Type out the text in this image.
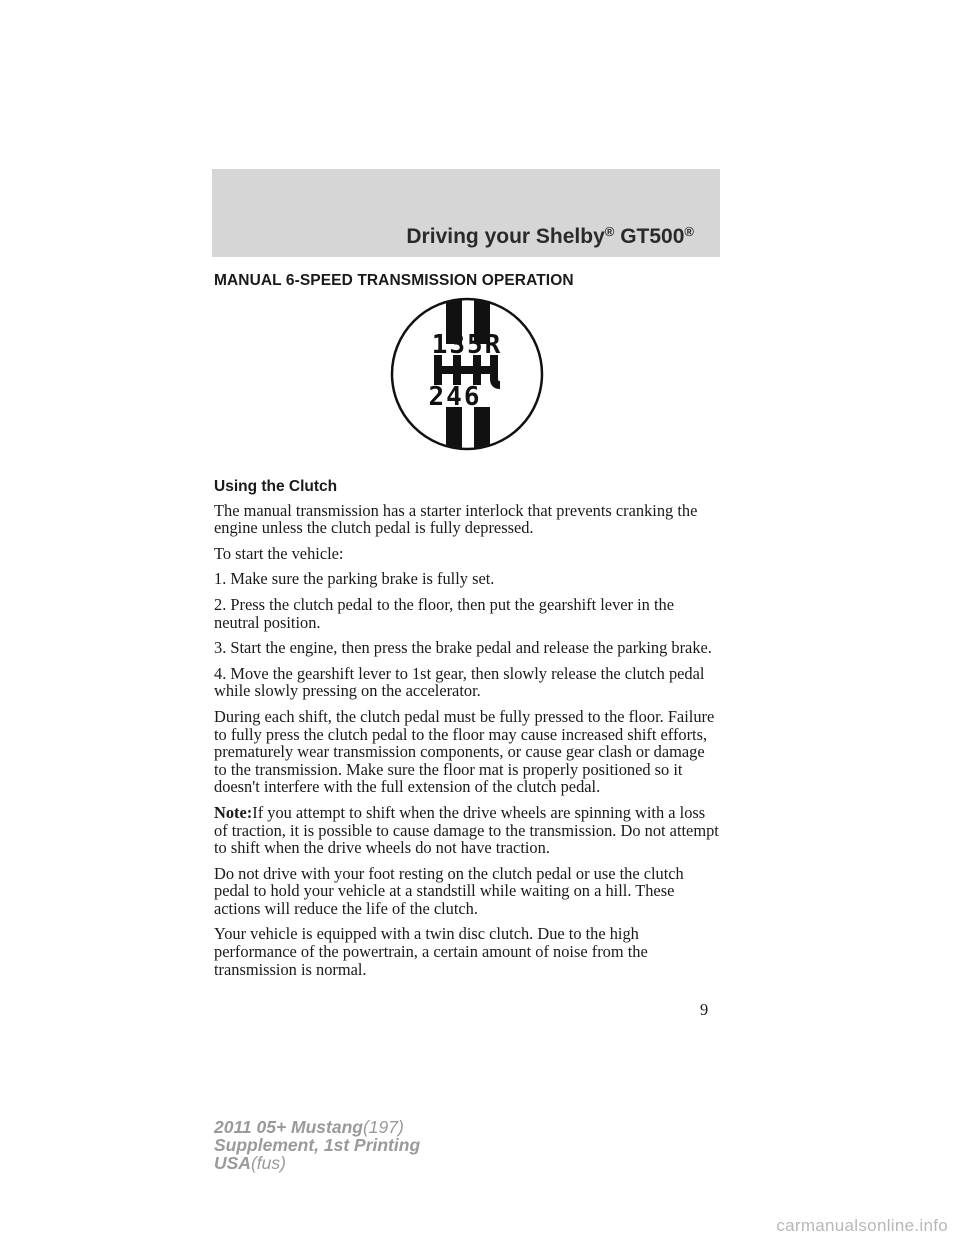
Driving your Shelby® GT500®
MANUAL 6-SPEED TRANSMISSION OPERATION
135R
246
Using the Clutch

The manual transmission has a starter interlock that prevents cranking the engine unless the clutch pedal is fully depressed.

To start the vehicle:

1. Make sure the parking brake is fully set.

2. Press the clutch pedal to the floor, then put the gearshift lever in the neutral position.

3. Start the engine, then press the brake pedal and release the parking brake.

4. Move the gearshift lever to 1st gear, then slowly release the clutch pedal while slowly pressing on the accelerator.

During each shift, the clutch pedal must be fully pressed to the floor. Failure to fully press the clutch pedal to the floor may cause increased shift efforts, prematurely wear transmission components, or cause gear clash or damage to the transmission. Make sure the floor mat is properly positioned so it doesn't interfere with the full extension of the clutch pedal.

Note:If you attempt to shift when the drive wheels are spinning with a loss of traction, it is possible to cause damage to the transmission. Do not attempt to shift when the drive wheels do not have traction.

Do not drive with your foot resting on the clutch pedal or use the clutch pedal to hold your vehicle at a standstill while waiting on a hill. These actions will reduce the life of the clutch.

Your vehicle is equipped with a twin disc clutch. Due to the high performance of the powertrain, a certain amount of noise from the transmission is normal.

9
2011 05+ Mustang(197)
Supplement, 1st Printing
USA(fus)
carmanualsonline.info
